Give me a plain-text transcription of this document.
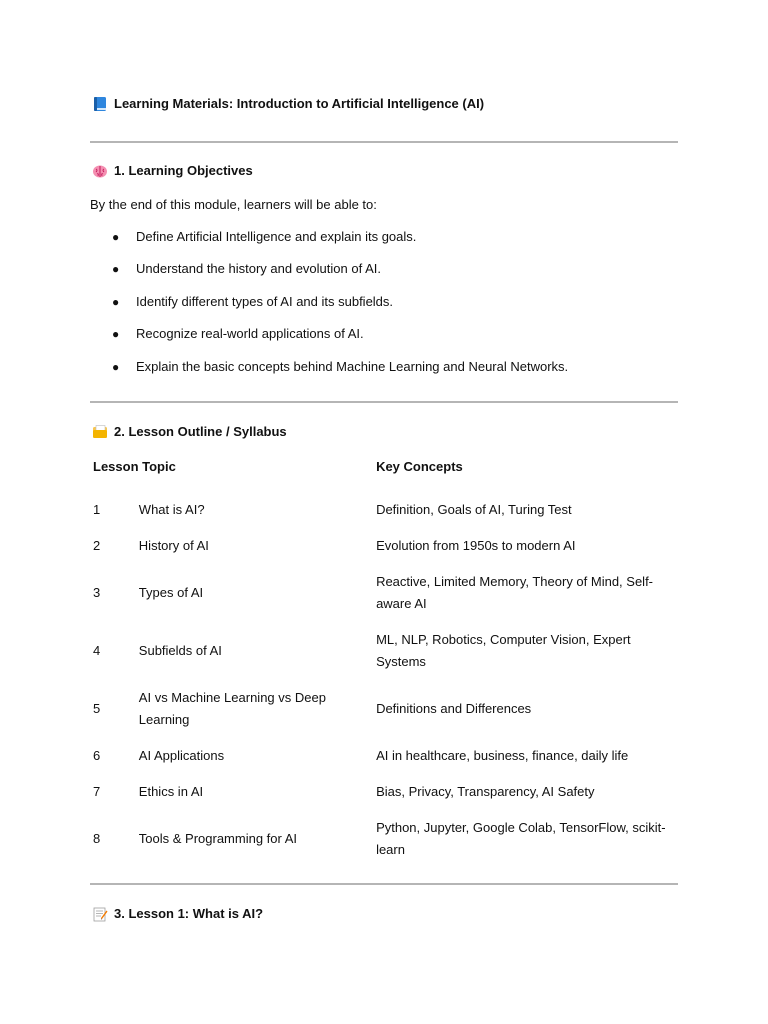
Learning Materials: Introduction to Artificial Intelligence (AI)
1. Learning Objectives
By the end of this module, learners will be able to:
● Define Artificial Intelligence and explain its goals.
● Understand the history and evolution of AI.
● Identify different types of AI and its subfields.
● Recognize real-world applications of AI.
● Explain the basic concepts behind Machine Learning and Neural Networks.
2. Lesson Outline / Syllabus
Lesson Topic		Key Concepts
1	What is AI?	Definition, Goals of AI, Turing Test
2	History of AI	Evolution from 1950s to modern AI
3	Types of AI	Reactive, Limited Memory, Theory of Mind, Self-aware AI
4	Subfields of AI	ML, NLP, Robotics, Computer Vision, Expert Systems
5	AI vs Machine Learning vs Deep Learning	Definitions and Differences
6	AI Applications	AI in healthcare, business, finance, daily life
7	Ethics in AI	Bias, Privacy, Transparency, AI Safety
8	Tools & Programming for AI	Python, Jupyter, Google Colab, TensorFlow, scikit-learn
3. Lesson 1: What is AI?
